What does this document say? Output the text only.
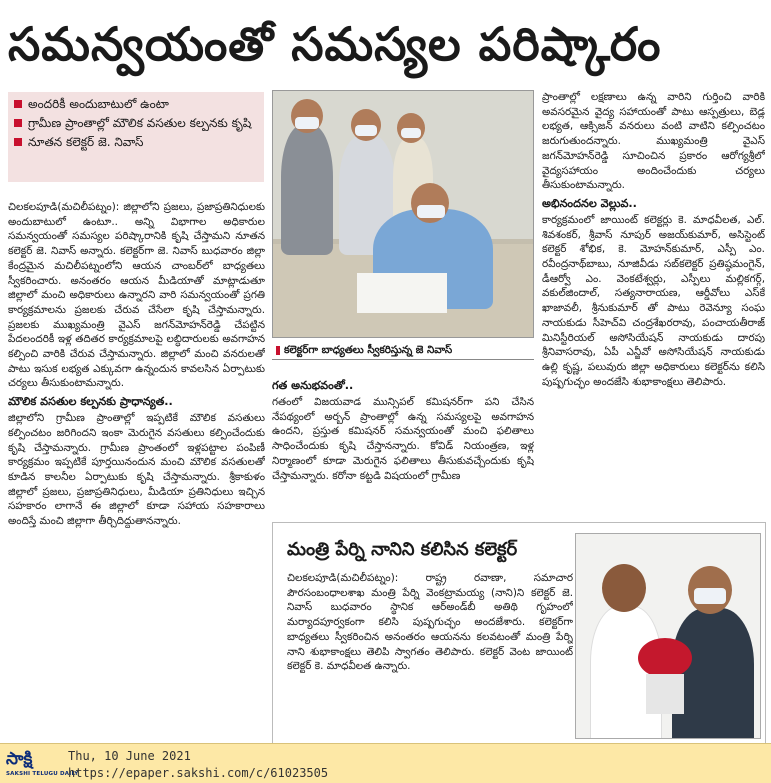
సమన్వయంతో సమస్యల పరిష్కారం
అందరికీ అందుబాటులో ఉంటా
గ్రామీణ ప్రాంతాల్లో మౌలిక వసతుల కల్పనకు కృషి
నూతన కలెక్టర్‌ జె. నివాస్‌

చిలకలపూడి(మచిలీపట్నం): జిల్లాలోని ప్రజలు, ప్రజాప్రతినిధులకు అందుబాటులో ఉంటూ.. అన్ని విభాగాల అధికారుల సమన్వయంతో సమస్యల పరిష్కారానికి కృషి చేస్తామని నూతన కలెక్టర్‌ జె. నివాస్‌ అన్నారు. కలెక్టర్‌గా జె. నివాస్‌ బుధవారం జిల్లా కేంద్రమైన మచిలీపట్నంలోని ఆయన చాంబర్‌లో బాధ్యతలు స్వీకరించారు. అనంతరం ఆయన మీడియాతో మాట్లాడుతూ జిల్లాలో మంచి అధికారులు ఉన్నారని వారి సమన్వయంతో ప్రగతి కార్యక్రమాలను ప్రజలకు చేరువ చేసేలా కృషి చేస్తామన్నారు. ప్రజలకు ముఖ్యమంత్రి వైఎస్‌ జగన్‌మోహన్‌రెడ్డి చేపట్టిన పేదలందరికీ ఇళ్ల తదితర కార్యక్రమాలపై లబ్ధిదారులకు అవగాహన కల్పించి వారికి చేరువ చేస్తామన్నారు. జిల్లాలో మంచి వనరులతో పాటు ఇసుక లభ్యత ఎక్కువగా ఉన్నందున కావలసిన ఏర్పాటుకు చర్యలు తీసుకుంటామన్నారు.

మౌలిక వసతుల కల్పనకు ప్రాధాన్యత..

జిల్లాలోని గ్రామీణ ప్రాంతాల్లో ఇప్పటికే మౌలిక వసతులు కల్పించటం జరిగిందని ఇంకా మెరుగైన వసతులు కల్పించేందుకు కృషి చేస్తామన్నారు. గ్రామీణ ప్రాంతంలో ఇళ్లపట్టాల పంపిణీ కార్యక్రమం ఇప్పటికే పూర్తయినందున మంచి మౌలిక వసతులతో కూడిన కాలనీల ఏర్పాటుకు కృషి చేస్తామన్నారు. శ్రీకాకుళం జిల్లాలో ప్రజలు, ప్రజాప్రతినిధులు, మీడియా ప్రతినిధులు ఇచ్చిన సహకారం లాగానే ఈ జిల్లాలో కూడా సహాయ సహకారాలు అందిస్తే మంచి జిల్లాగా తీర్చిదిద్దుతానన్నారు.

కలెక్టర్‌గా బాధ్యతలు స్వీకరిస్తున్న జె నివాస్‌
గత అనుభవంతో..

గతంలో విజయవాడ మున్సిపల్‌ కమిషనర్‌గా పని చేసిన నేపథ్యంలో అర్బన్‌ ప్రాంతాల్లో ఉన్న సమస్యలపై అవగాహన ఉందని, ప్రస్తుత కమిషనర్‌ సమన్వయంతో మంచి ఫలితాలు సాధించేందుకు కృషి చేస్తానన్నారు. కోవిడ్‌ నియంత్రణ, ఇళ్ల నిర్మాణంలో కూడా మెరుగైన ఫలితాలు తీసుకువచ్చేందుకు కృషి చేస్తామన్నారు. కరోనా కట్టడి విషయంలో గ్రామీణ

ప్రాంతాల్లో లక్షణాలు ఉన్న వారిని గుర్తించి వారికి అవసరమైన వైద్య సహాయంతో పాటు ఆస్పత్రులు, బెడ్ల లభ్యత, ఆక్సిజన్‌ వనరులు వంటి వాటిని కల్పించటం జరుగుతుందన్నారు. ముఖ్యమంత్రి వైఎస్‌ జగన్‌మోహన్‌రెడ్డి సూచించిన ప్రకారం ఆరోగ్యశ్రీలో వైద్యసహాయం అందించేందుకు చర్యలు తీసుకుంటామన్నారు.

అభినందనల వెల్లువ..

కార్యక్రమంలో జాయింట్‌ కలెక్టర్లు కె. మాధవీలత, ఎల్‌. శివశంకర్‌, శ్రీవాస్‌ నూపుర్‌ అజయ్‌కుమార్‌, అసిస్టెంట్‌ కలెక్టర్‌ శోభిక, కె. మోహన్‌కుమార్‌, ఎస్పీ ఎం. రవీంద్రనాథ్‌బాబు, నూజివీడు సబ్‌కలెక్టర్‌ ప్రతిష్ఠమంగైన్‌, డీఆర్వో ఎం. వెంకటేశ్వర్లు, ఎస్పీలు మల్లికగర్గ్‌, వకుల్‌జిందాల్‌, సత్యనారాయణ, ఆర్డీవోలు ఎస్‌కే ఖాజావలీ, శ్రీనుకుమార్‌ తో పాటు రెవెన్యూ సంఘ నాయకుడు సీహెచ్‌వి చంద్రశేఖరరావు, పంచాయతీరాజ్‌ మినిస్టీరియల్‌ అసోసియేషన్‌ నాయకుడు దారపు శ్రీనివాసరావు, ఏపీ ఎన్జీవో అసోసియేషన్‌ నాయకుడు ఉల్లి కృష్ణ, పలువురు జిల్లా అధికారులు కలెక్టర్‌ను కలిసి పుష్పగుచ్ఛం అందజేసి శుభాకాంక్షలు తెలిపారు.

మంత్రి పేర్ని నానిని కలిసిన కలెక్టర్‌
చిలకలపూడి(మచిలీపట్నం): రాష్ట్ర రవాణా, సమాచార పౌరసంబంధాలశాఖ మంత్రి పేర్ని వెంకట్రామయ్య (నాని)ని కలెక్టర్‌ జె. నివాస్‌ బుధవారం స్థానిక ఆర్‌అండ్‌బీ అతిథి గృహంలో మర్యాదపూర్వకంగా కలిసి పుష్పగుచ్ఛం అందజేశారు. కలెక్టర్‌గా బాధ్యతలు స్వీకరించిన అనంతరం ఆయనను కలవటంతో మంత్రి పేర్ని నాని శుభాకాంక్షలు తెలిపి స్వాగతం తెలిపారు. కలెక్టర్‌ వెంట జాయింట్‌ కలెక్టర్‌ కె. మాధవీలత ఉన్నారు.
సాక్షి
SAKSHI TELUGU DAILY
Thu, 10 June 2021
https://epaper.sakshi.com/c/61023505
